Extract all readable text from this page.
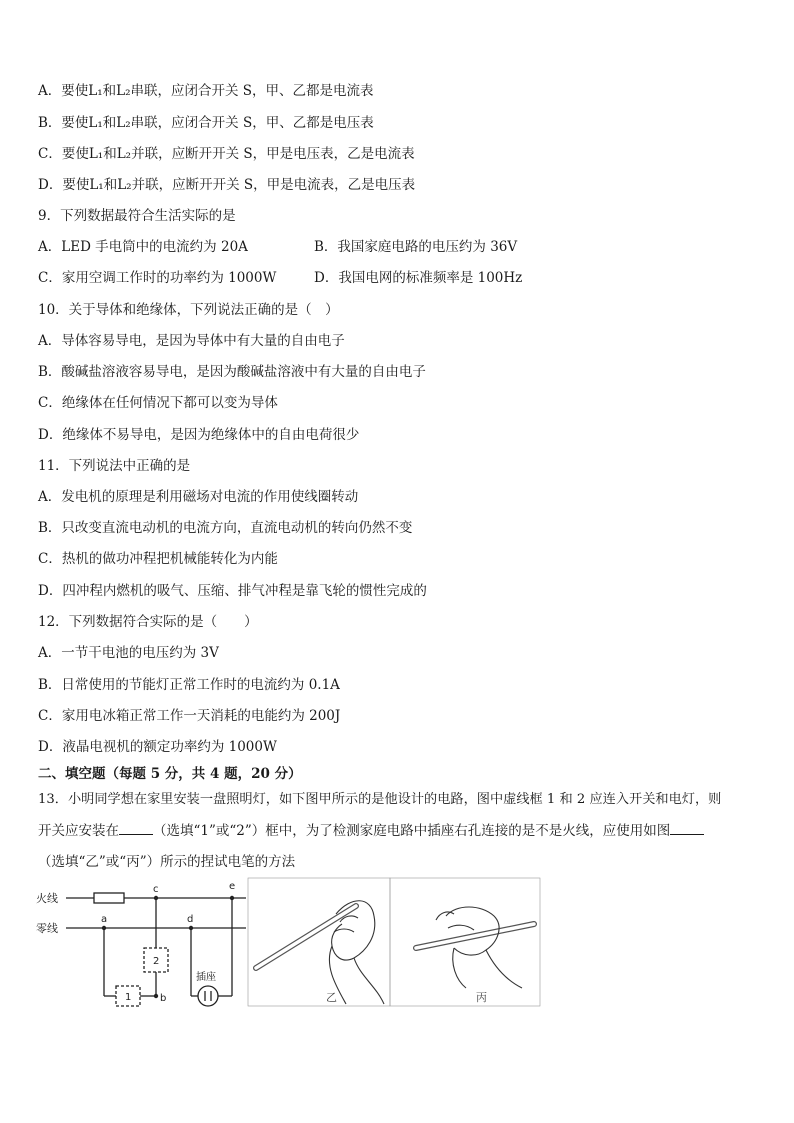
A．要使L₁和L₂串联，应闭合开关 S，甲、乙都是电流表
B．要使L₁和L₂串联，应闭合开关 S，甲、乙都是电压表
C．要使L₁和L₂并联，应断开开关 S，甲是电压表，乙是电流表
D．要使L₁和L₂并联，应断开开关 S，甲是电流表，乙是电压表
9．下列数据最符合生活实际的是
A．LED 手电筒中的电流约为 20A	B．我国家庭电路的电压约为 36V
C．家用空调工作时的功率约为 1000W	D．我国电网的标准频率是 100Hz
10．关于导体和绝缘体，下列说法正确的是（　）
A．导体容易导电，是因为导体中有大量的自由电子
B．酸碱盐溶液容易导电，是因为酸碱盐溶液中有大量的自由电子
C．绝缘体在任何情况下都可以变为导体
D．绝缘体不易导电，是因为绝缘体中的自由电荷很少
11．下列说法中正确的是
A．发电机的原理是利用磁场对电流的作用使线圈转动
B．只改变直流电动机的电流方向，直流电动机的转向仍然不变
C．热机的做功冲程把机械能转化为内能
D．四冲程内燃机的吸气、压缩、排气冲程是靠飞轮的惯性完成的
12．下列数据符合实际的是（　　）
A．一节干电池的电压约为 3V
B．日常使用的节能灯正常工作时的电流约为 0.1A
C．家用电冰箱正常工作一天消耗的电能约为 200J
D．液晶电视机的额定功率约为 1000W
二、填空题（每题 5 分，共 4 题，20 分）
13．小明同学想在家里安装一盘照明灯，如下图甲所示的是他设计的电路，图中虚线框 1 和 2 应连入开关和电灯，则
开关应安装在	（选填“1”或“2”）框中，为了检测家庭电路中插座右孔连接的是不是火线，应使用如图
（选填“乙”或“丙”）所示的捏试电笔的方法
火线
零线
a
b
c
d
e
1
2
插座
乙	丙
